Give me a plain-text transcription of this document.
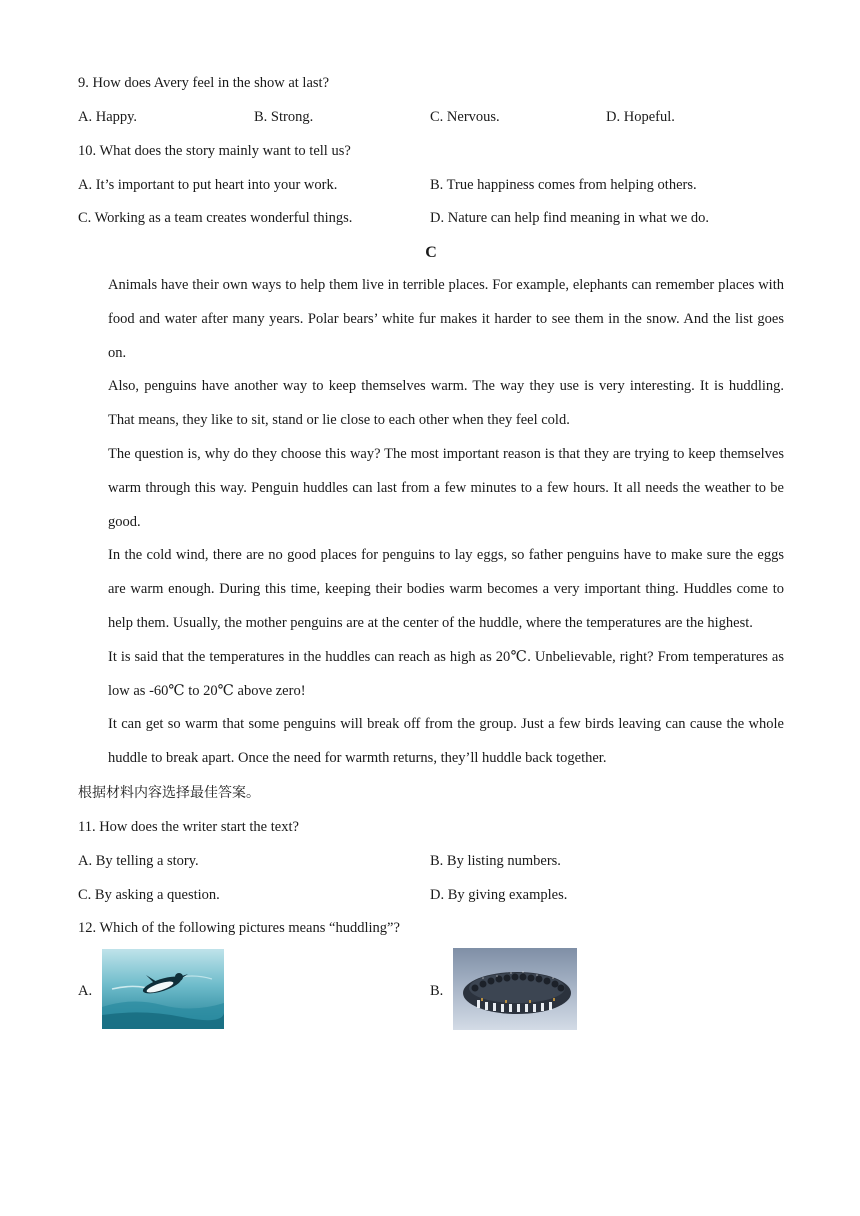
9. How does Avery feel in the show at last?
A. Happy.	B. Strong.	C. Nervous.	D. Hopeful.
10. What does the story mainly want to tell us?
A. It’s important to put heart into your work.	B. True happiness comes from helping others.
C. Working as a team creates wonderful things.	D. Nature can help find meaning in what we do.
C
Animals have their own ways to help them live in terrible places. For example, elephants can remember places with food and water after many years. Polar bears’ white fur makes it harder to see them in the snow. And the list goes on.
Also, penguins have another way to keep themselves warm. The way they use is very interesting. It is huddling. That means, they like to sit, stand or lie close to each other when they feel cold.
The question is, why do they choose this way? The most important reason is that they are trying to keep themselves warm through this way. Penguin huddles can last from a few minutes to a few hours. It all needs the weather to be good.
In the cold wind, there are no good places for penguins to lay eggs, so father penguins have to make sure the eggs are warm enough. During this time, keeping their bodies warm becomes a very important thing. Huddles come to help them. Usually, the mother penguins are at the center of the huddle, where the temperatures are the highest.
It is said that the temperatures in the huddles can reach as high as 20℃. Unbelievable, right? From temperatures as low as -60℃ to 20℃ above zero!
It can get so warm that some penguins will break off from the group. Just a few birds leaving can cause the whole huddle to break apart. Once the need for warmth returns, they’ll huddle back together.
根据材料内容选择最佳答案。
11. How does the writer start the text?
A. By telling a story.	B. By listing numbers.
C. By asking a question.	D. By giving examples.
12. Which of the following pictures means “huddling”?
A.	B.
